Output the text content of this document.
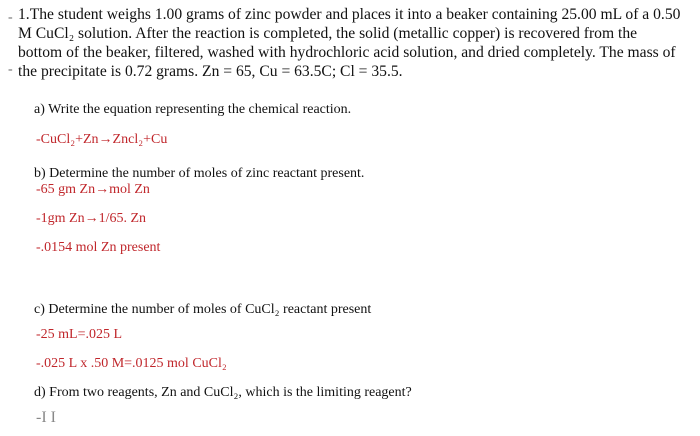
- 1.The student weighs 1.00 grams of zinc powder and places it into a beaker containing 25.00 mL of a 0.50
M CuCl₂ solution. After the reaction is completed, the solid (metallic copper) is recovered from the
bottom of the beaker, filtered, washed with hydrochloric acid solution, and dried completely. The mass of
- the precipitate is 0.72 grams. Zn = 65, Cu = 63.5C; Cl = 35.5.
a) Write the equation representing the chemical reaction.
-CuCl₂+Zn→Zncl₂+Cu
b) Determine the number of moles of zinc reactant present.
-65 gm Zn→mol Zn
-1gm Zn→1/65. Zn
-.0154 mol Zn present
c) Determine the number of moles of CuCl₂ reactant present
-25 mL=.025 L
-.025 L x .50 M=.0125 mol CuCl₂
d) From two reagents, Zn and CuCl₂, which is the limiting reagent?
-I I
